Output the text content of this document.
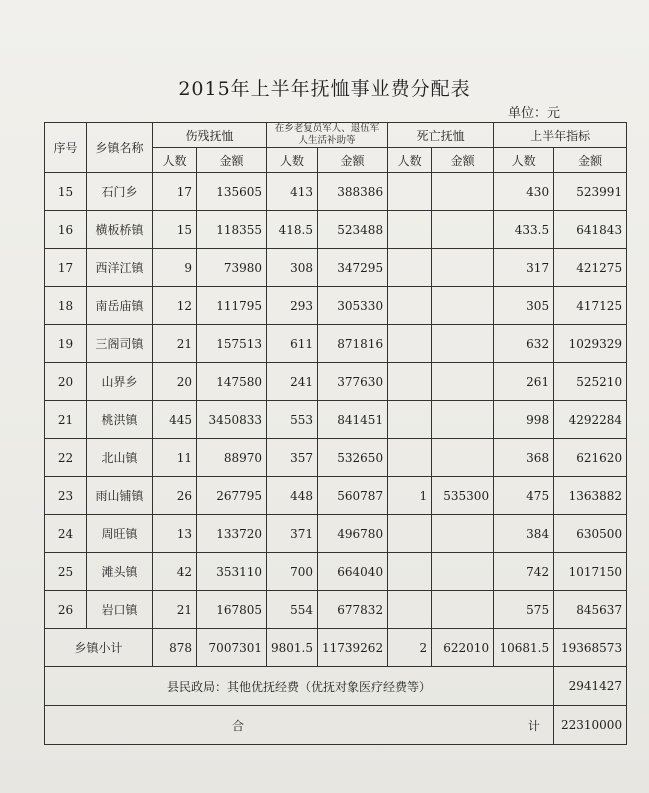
2015年上半年抚恤事业费分配表
单位：元
序号	乡镇名称	伤残抚恤		在乡老复员军人、退伍军人生活补助等		死亡抚恤		上半年指标	
		人数	金额	人数	金额	人数	金额	人数	金额
15	石门乡	17	135605	413	388386			430	523991
16	横板桥镇	15	118355	418.5	523488			433.5	641843
17	西洋江镇	9	73980	308	347295			317	421275
18	南岳庙镇	12	111795	293	305330			305	417125
19	三阁司镇	21	157513	611	871816			632	1029329
20	山界乡	20	147580	241	377630			261	525210
21	桃洪镇	445	3450833	553	841451			998	4292284
22	北山镇	11	88970	357	532650			368	621620
23	雨山铺镇	26	267795	448	560787	1	535300	475	1363882
24	周旺镇	13	133720	371	496780			384	630500
25	滩头镇	42	353110	700	664040			742	1017150
26	岩口镇	21	167805	554	677832			575	845637
乡镇小计		878	7007301	9801.5	11739262	2	622010	10681.5	19368573
县民政局：其他优抚经费（优抚对象医疗经费等）									2941427
合 计									22310000
